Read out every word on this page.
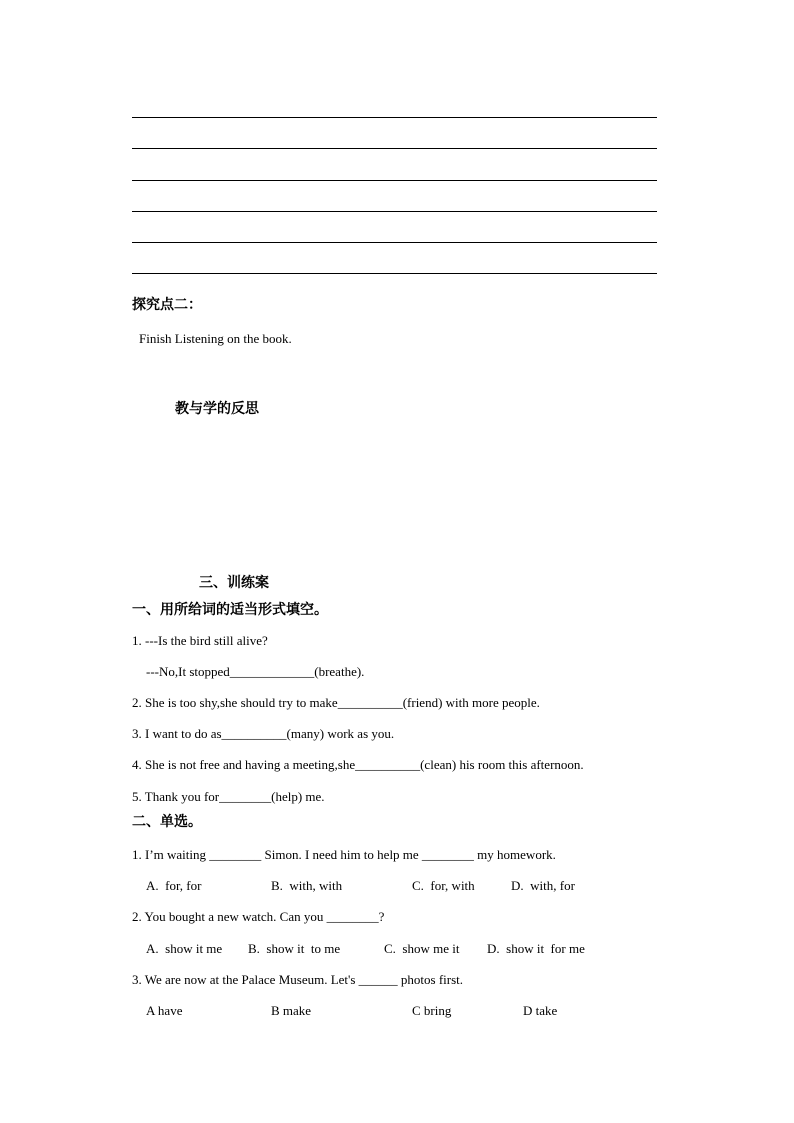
探究点二：
Finish Listening on the book.
教与学的反思
三、训练案
一、用所给词的适当形式填空。
1. ---Is the bird still alive?
---No,It stopped_____________(breathe).
2. She is too shy,she should try to make__________(friend) with more people.
3. I want to do as__________(many) work as you.
4. She is not free and having a meeting,she__________(clean) his room this afternoon.
5. Thank you for________(help) me.
二、单选。
1. I’m waiting ________ Simon. I need him to help me ________ my homework.
A.  for, for	B.  with, with	C.  for, with	D.  with, for
2. You bought a new watch. Can you ________?
A.  show it me B.  show it  to me	C.  show me it D.  show it  for me
3. We are now at the Palace Museum. Let's ______ photos first.
A have	B make	C bring	D take
